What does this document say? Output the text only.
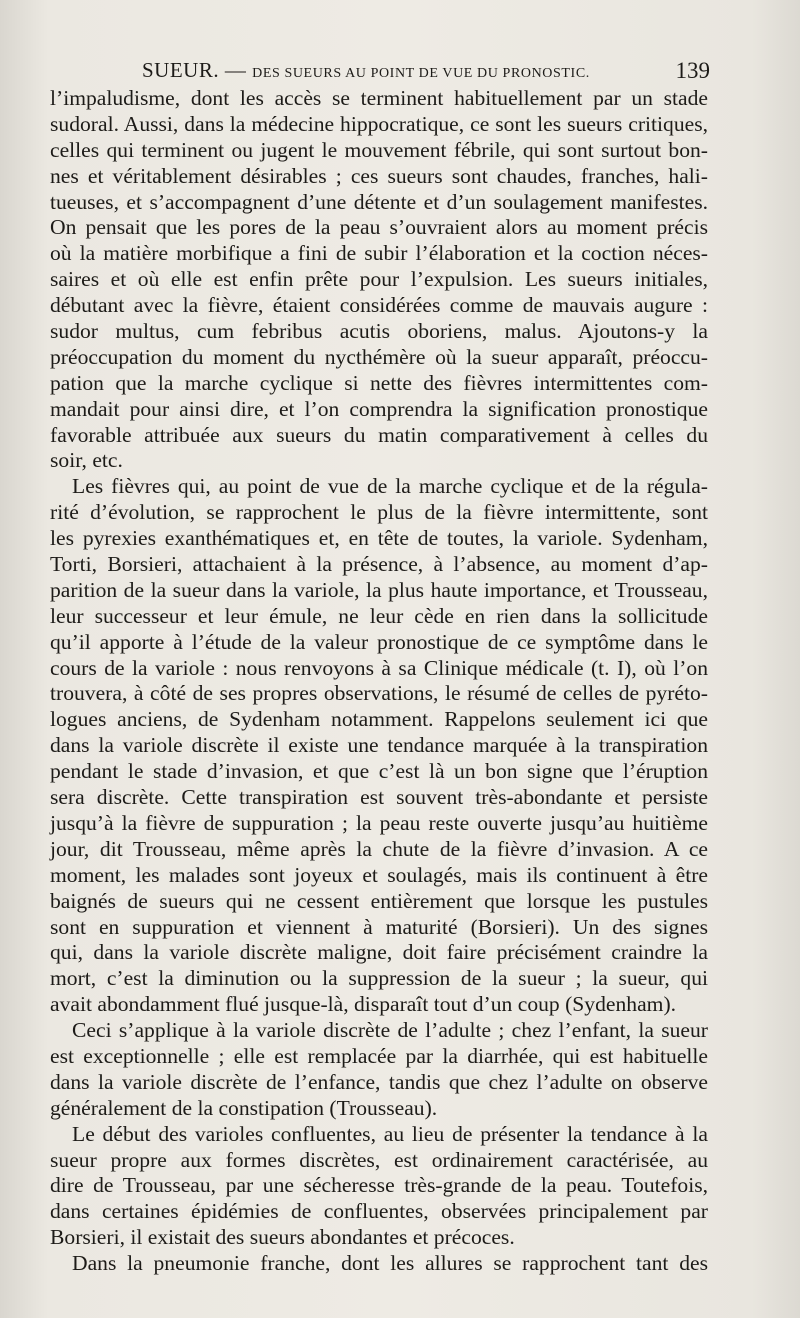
SUEUR. — DES SUEURS AU POINT DE VUE DU PRONOSTIC.	139
l’impaludisme, dont les accès se terminent habituellement par un stade
sudoral. Aussi, dans la médecine hippocratique, ce sont les sueurs critiques,
celles qui terminent ou jugent le mouvement fébrile, qui sont surtout bon-
nes et véritablement désirables ; ces sueurs sont chaudes, franches, hali-
tueuses, et s’accompagnent d’une détente et d’un soulagement manifestes.
On pensait que les pores de la peau s’ouvraient alors au moment précis
où la matière morbifique a fini de subir l’élaboration et la coction néces-
saires et où elle est enfin prête pour l’expulsion. Les sueurs initiales,
débutant avec la fièvre, étaient considérées comme de mauvais augure :
sudor multus, cum febribus acutis oboriens, malus. Ajoutons-y la
préoccupation du moment du nycthémère où la sueur apparaît, préoccu-
pation que la marche cyclique si nette des fièvres intermittentes com-
mandait pour ainsi dire, et l’on comprendra la signification pronostique
favorable attribuée aux sueurs du matin comparativement à celles du
soir, etc.
Les fièvres qui, au point de vue de la marche cyclique et de la régula-
rité d’évolution, se rapprochent le plus de la fièvre intermittente, sont
les pyrexies exanthématiques et, en tête de toutes, la variole. Sydenham,
Torti, Borsieri, attachaient à la présence, à l’absence, au moment d’ap-
parition de la sueur dans la variole, la plus haute importance, et Trousseau,
leur successeur et leur émule, ne leur cède en rien dans la sollicitude
qu’il apporte à l’étude de la valeur pronostique de ce symptôme dans le
cours de la variole : nous renvoyons à sa Clinique médicale (t. I), où l’on
trouvera, à côté de ses propres observations, le résumé de celles de pyréto-
logues anciens, de Sydenham notamment. Rappelons seulement ici que
dans la variole discrète il existe une tendance marquée à la transpiration
pendant le stade d’invasion, et que c’est là un bon signe que l’éruption
sera discrète. Cette transpiration est souvent très-abondante et persiste
jusqu’à la fièvre de suppuration ; la peau reste ouverte jusqu’au huitième
jour, dit Trousseau, même après la chute de la fièvre d’invasion. A ce
moment, les malades sont joyeux et soulagés, mais ils continuent à être
baignés de sueurs qui ne cessent entièrement que lorsque les pustules
sont en suppuration et viennent à maturité (Borsieri). Un des signes
qui, dans la variole discrète maligne, doit faire précisément craindre la
mort, c’est la diminution ou la suppression de la sueur ; la sueur, qui
avait abondamment flué jusque-là, disparaît tout d’un coup (Sydenham).
Ceci s’applique à la variole discrète de l’adulte ; chez l’enfant, la sueur
est exceptionnelle ; elle est remplacée par la diarrhée, qui est habituelle
dans la variole discrète de l’enfance, tandis que chez l’adulte on observe
généralement de la constipation (Trousseau).
Le début des varioles confluentes, au lieu de présenter la tendance à la
sueur propre aux formes discrètes, est ordinairement caractérisée, au
dire de Trousseau, par une sécheresse très-grande de la peau. Toutefois,
dans certaines épidémies de confluentes, observées principalement par
Borsieri, il existait des sueurs abondantes et précoces.
Dans la pneumonie franche, dont les allures se rapprochent tant des
